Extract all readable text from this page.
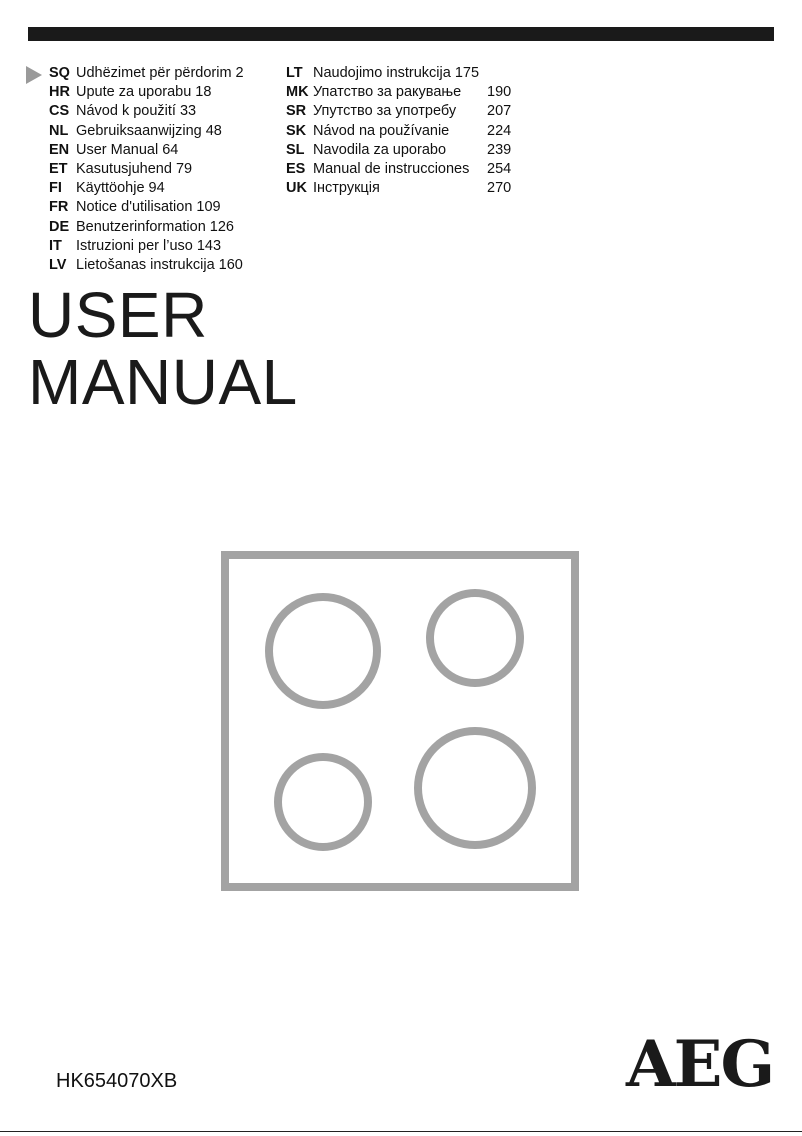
SQ Udhëzimet për përdorim 2
HR Upute za uporabu 18
CS Návod k použití 33
NL Gebruiksaanwijzing 48
EN User Manual 64
ET Kasutusjuhend 79
FI Käyttöohje 94
FR Notice d'utilisation 109
DE Benutzerinformation 126
IT Istruzioni per l’uso 143
LV Lietošanas instrukcija 160
LT Naudojimo instrukcija 175
MK Упатство за ракување 190
SR Упутство за употребу 207
SK Návod na používanie	224
SL Navodila za uporabo	239
ES Manual de instrucciones 254
UK Інструкція	270
USER
MANUAL
HK654070XB	AEG
